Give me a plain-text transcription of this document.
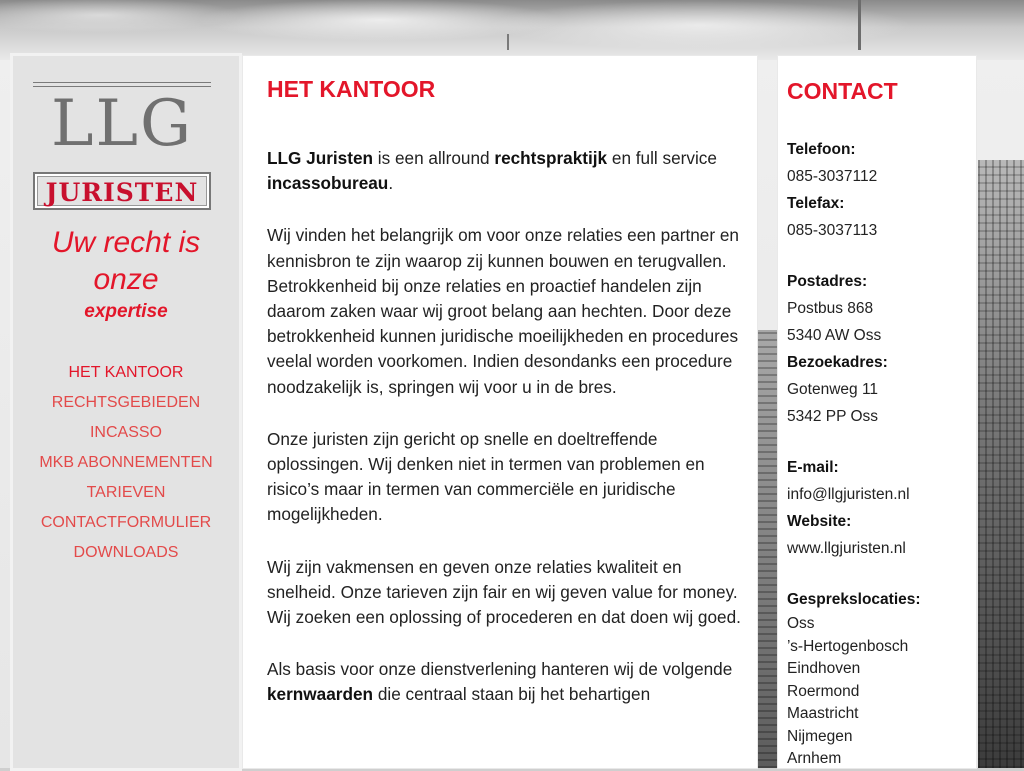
LLG
JURISTEN
Uw recht is
onze
expertise
HET KANTOOR
RECHTSGEBIEDEN
INCASSO
MKB ABONNEMENTEN
TARIEVEN
CONTACTFORMULIER
DOWNLOADS
HET KANTOOR

LLG Juristen is een allround rechtspraktijk en full service incassobureau.

Wij vinden het belangrijk om voor onze relaties een partner en kennisbron te zijn waarop zij kunnen bouwen en terugvallen. Betrokkenheid bij onze relaties en proactief handelen zijn daarom zaken waar wij groot belang aan hechten. Door deze betrokkenheid kunnen juridische moeilijkheden en procedures veelal worden voorkomen. Indien desondanks een procedure noodzakelijk is, springen wij voor u in de bres.

Onze juristen zijn gericht op snelle en doeltreffende oplossingen. Wij denken niet in termen van problemen en risico’s maar in termen van commerciële en juridische mogelijkheden.

Wij zijn vakmensen en geven onze relaties kwaliteit en snelheid. Onze tarieven zijn fair en wij geven value for money. Wij zoeken een oplossing of procederen en dat doen wij goed.

Als basis voor onze dienstverlening hanteren wij de volgende kernwaarden die centraal staan bij het behartigen

CONTACT
Telefoon:
085-3037112
Telefax:
085-3037113
Postadres:
Postbus 868
5340 AW Oss
Bezoekadres:
Gotenweg 11
5342 PP Oss
E-mail:
info@llgjuristen.nl
Website:
www.llgjuristen.nl
Gesprekslocaties:
Oss
’s-Hertogenbosch
Eindhoven
Roermond
Maastricht
Nijmegen
Arnhem
